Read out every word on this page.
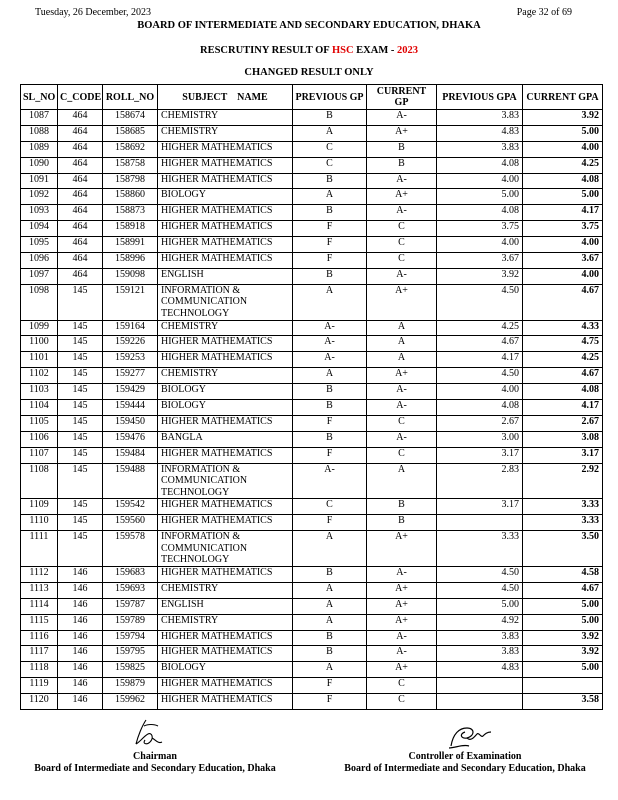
Tuesday, 26 December, 2023	Page 32 of 69
BOARD OF INTERMEDIATE AND SECONDARY EDUCATION, DHAKA
RESCRUTINY RESULT OF HSC EXAM - 2023
CHANGED RESULT ONLY
SL_NO	C_CODE	ROLL_NO	SUBJECT    NAME	PREVIOUS GP	CURRENT GP	PREVIOUS GPA	CURRENT GPA
1087	464	158674	CHEMISTRY	B	A-	3.83	3.92
1088	464	158685	CHEMISTRY	A	A+	4.83	5.00
1089	464	158692	HIGHER MATHEMATICS	C	B	3.83	4.00
1090	464	158758	HIGHER MATHEMATICS	C	B	4.08	4.25
1091	464	158798	HIGHER MATHEMATICS	B	A-	4.00	4.08
1092	464	158860	BIOLOGY	A	A+	5.00	5.00
1093	464	158873	HIGHER MATHEMATICS	B	A-	4.08	4.17
1094	464	158918	HIGHER MATHEMATICS	F	C	3.75	3.75
1095	464	158991	HIGHER MATHEMATICS	F	C	4.00	4.00
1096	464	158996	HIGHER MATHEMATICS	F	C	3.67	3.67
1097	464	159098	ENGLISH	B	A-	3.92	4.00
1098	145	159121	INFORMATION & COMMUNICATION TECHNOLOGY	A	A+	4.50	4.67
1099	145	159164	CHEMISTRY	A-	A	4.25	4.33
1100	145	159226	HIGHER MATHEMATICS	A-	A	4.67	4.75
1101	145	159253	HIGHER MATHEMATICS	A-	A	4.17	4.25
1102	145	159277	CHEMISTRY	A	A+	4.50	4.67
1103	145	159429	BIOLOGY	B	A-	4.00	4.08
1104	145	159444	BIOLOGY	B	A-	4.08	4.17
1105	145	159450	HIGHER MATHEMATICS	F	C	2.67	2.67
1106	145	159476	BANGLA	B	A-	3.00	3.08
1107	145	159484	HIGHER MATHEMATICS	F	C	3.17	3.17
1108	145	159488	INFORMATION & COMMUNICATION TECHNOLOGY	A-	A	2.83	2.92
1109	145	159542	HIGHER MATHEMATICS	C	B	3.17	3.33
1110	145	159560	HIGHER MATHEMATICS	F	B		3.33
1111	145	159578	INFORMATION & COMMUNICATION TECHNOLOGY	A	A+	3.33	3.50
1112	146	159683	HIGHER MATHEMATICS	B	A-	4.50	4.58
1113	146	159693	CHEMISTRY	A	A+	4.50	4.67
1114	146	159787	ENGLISH	A	A+	5.00	5.00
1115	146	159789	CHEMISTRY	A	A+	4.92	5.00
1116	146	159794	HIGHER MATHEMATICS	B	A-	3.83	3.92
1117	146	159795	HIGHER MATHEMATICS	B	A-	3.83	3.92
1118	146	159825	BIOLOGY	A	A+	4.83	5.00
1119	146	159879	HIGHER MATHEMATICS	F	C		
1120	146	159962	HIGHER MATHEMATICS	F	C		3.58
Chairman
Board of Intermediate and Secondary Education, Dhaka
Controller of Examination
Board of Intermediate and Secondary Education, Dhaka
